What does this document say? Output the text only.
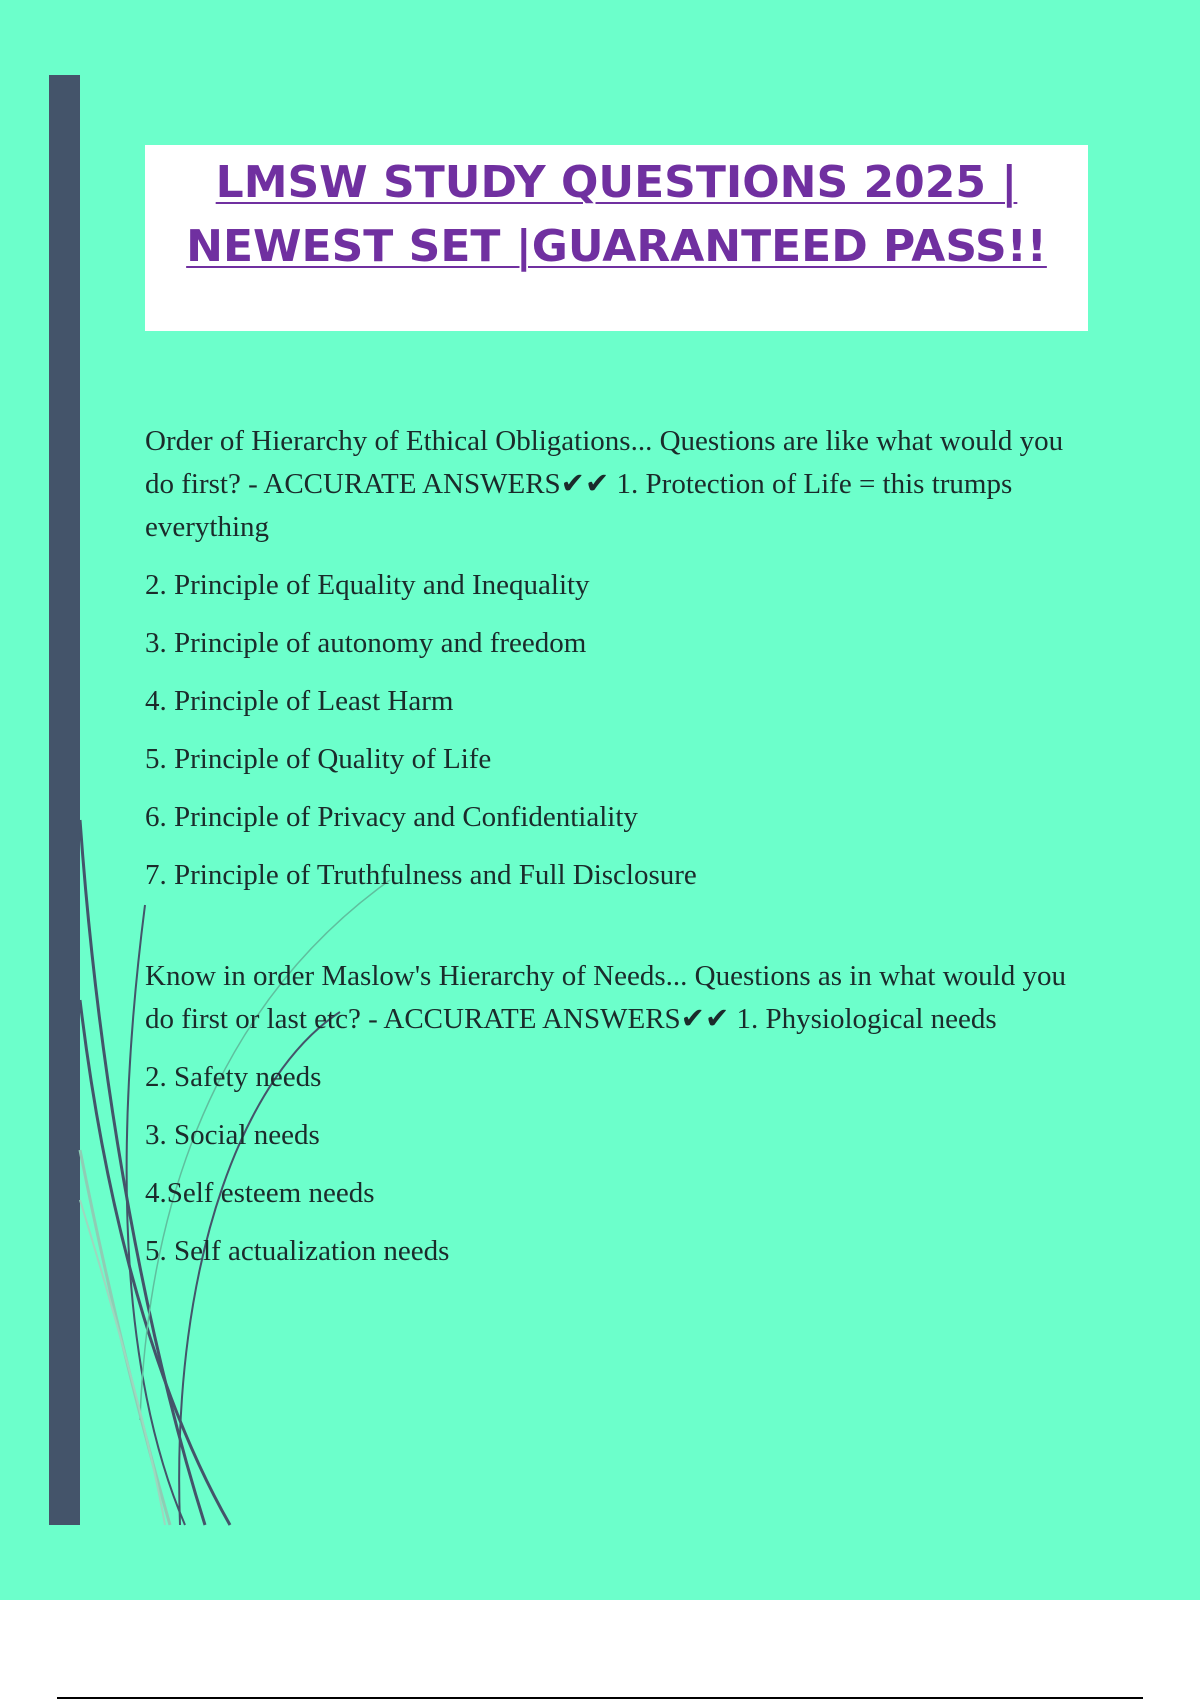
LMSW STUDY QUESTIONS 2025 | NEWEST SET |GUARANTEED PASS!!

Order of Hierarchy of Ethical Obligations... Questions are like what would you do first? - ACCURATE ANSWERS✔✔ 1. Protection of Life = this trumps everything

2. Principle of Equality and Inequality

3. Principle of autonomy and freedom

4. Principle of Least Harm

5. Principle of Quality of Life

6. Principle of Privacy and Confidentiality

7. Principle of Truthfulness and Full Disclosure

Know in order Maslow's Hierarchy of Needs... Questions as in what would you do first or last etc? - ACCURATE ANSWERS✔✔ 1. Physiological needs

2. Safety needs

3. Social needs

4.Self esteem needs

5. Self actualization needs
